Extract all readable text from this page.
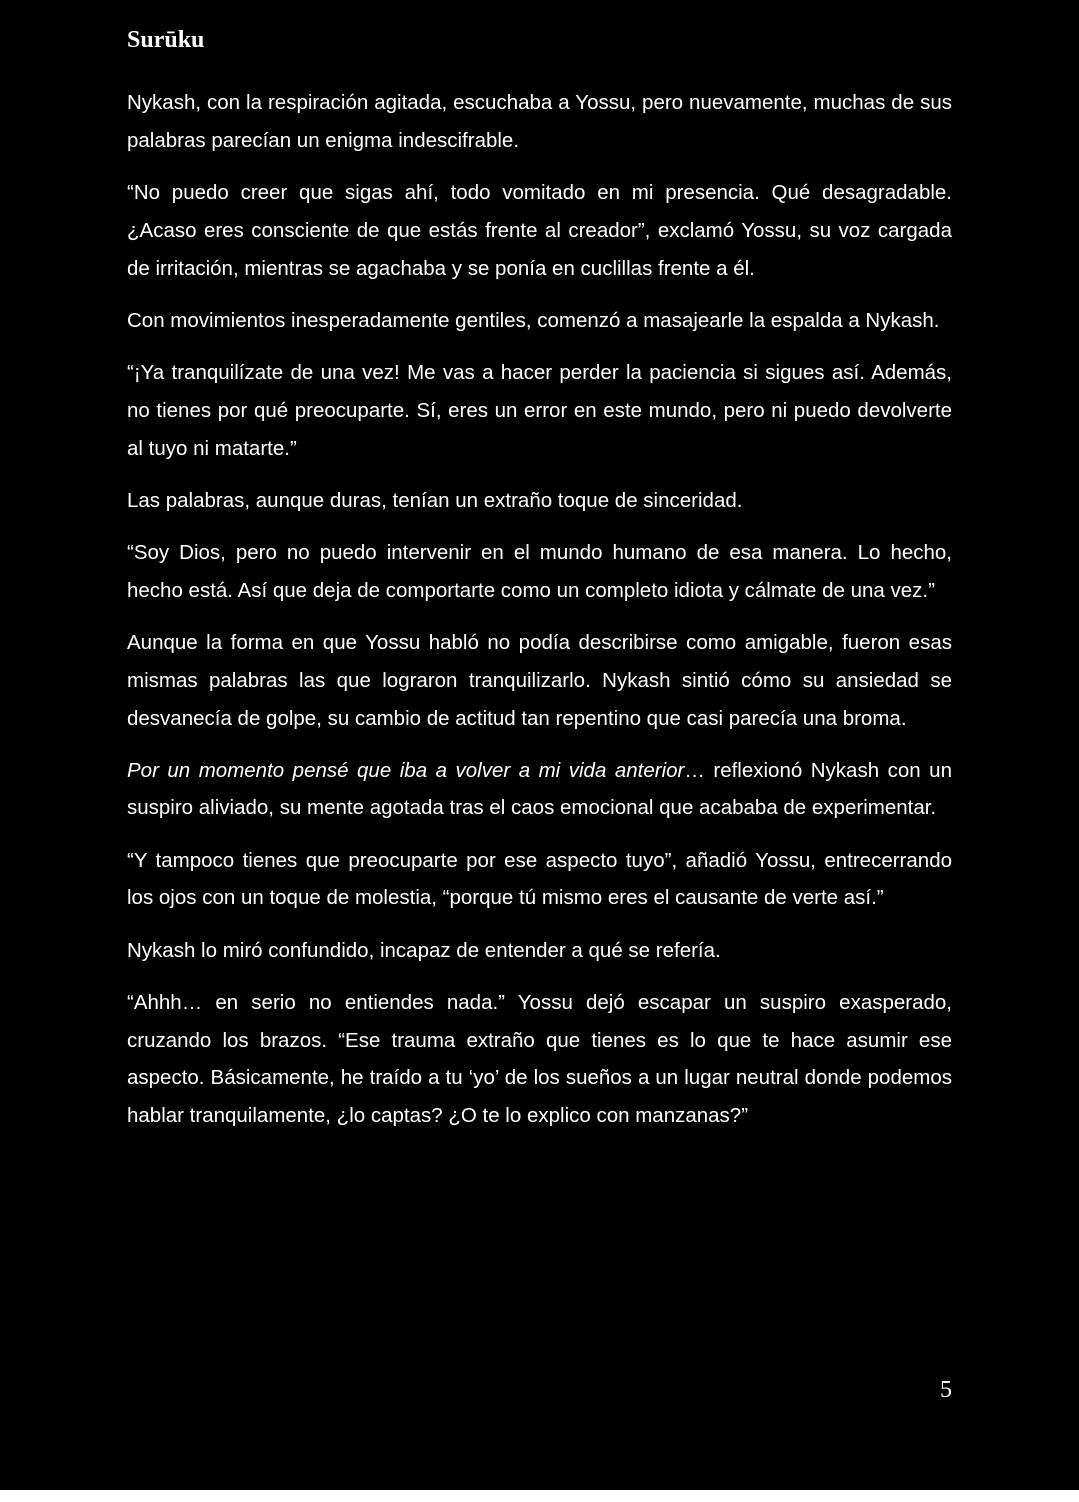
Surūku

Nykash, con la respiración agitada, escuchaba a Yossu, pero nuevamente, muchas de sus palabras parecían un enigma indescifrable.

“No puedo creer que sigas ahí, todo vomitado en mi presencia. Qué desagradable. ¿Acaso eres consciente de que estás frente al creador”, exclamó Yossu, su voz cargada de irritación, mientras se agachaba y se ponía en cuclillas frente a él.

Con movimientos inesperadamente gentiles, comenzó a masajearle la espalda a Nykash.

“¡Ya tranquilízate de una vez! Me vas a hacer perder la paciencia si sigues así. Además, no tienes por qué preocuparte. Sí, eres un error en este mundo, pero ni puedo devolverte al tuyo ni matarte.”

Las palabras, aunque duras, tenían un extraño toque de sinceridad.

“Soy Dios, pero no puedo intervenir en el mundo humano de esa manera. Lo hecho, hecho está. Así que deja de comportarte como un completo idiota y cálmate de una vez.”

Aunque la forma en que Yossu habló no podía describirse como amigable, fueron esas mismas palabras las que lograron tranquilizarlo. Nykash sintió cómo su ansiedad se desvanecía de golpe, su cambio de actitud tan repentino que casi parecía una broma.

Por un momento pensé que iba a volver a mi vida anterior… reflexionó Nykash con un suspiro aliviado, su mente agotada tras el caos emocional que acababa de experimentar.

“Y tampoco tienes que preocuparte por ese aspecto tuyo”, añadió Yossu, entrecerrando los ojos con un toque de molestia, “porque tú mismo eres el causante de verte así.”

Nykash lo miró confundido, incapaz de entender a qué se refería.

“Ahhh… en serio no entiendes nada.” Yossu dejó escapar un suspiro exasperado, cruzando los brazos. “Ese trauma extraño que tienes es lo que te hace asumir ese aspecto. Básicamente, he traído a tu ‘yo’ de los sueños a un lugar neutral donde podemos hablar tranquilamente, ¿lo captas? ¿O te lo explico con manzanas?”

5
